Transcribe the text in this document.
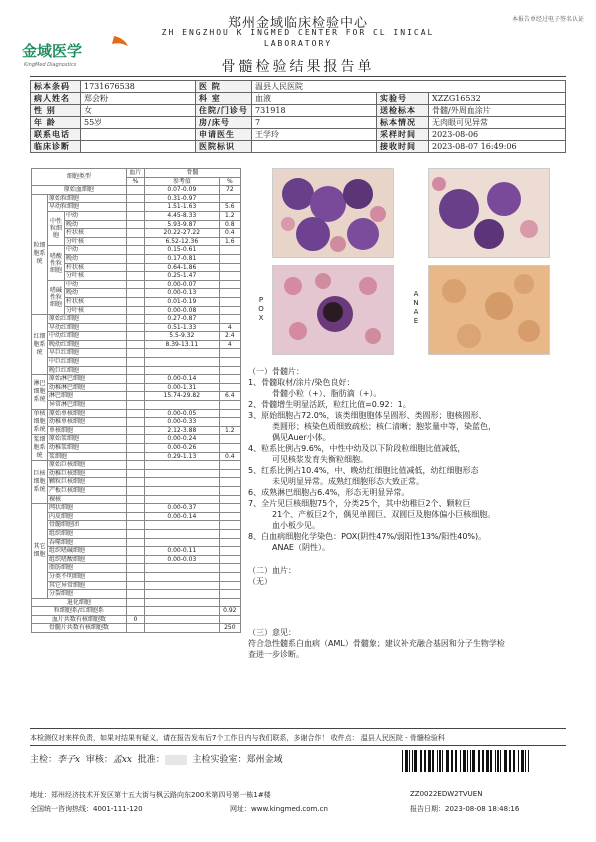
金域医学
KingMed Diagnostics
郑州金域临床检验中心
ZH ENGZHOU K INGMED CENTER FOR CL INICAL
LABORATORY
本报告单经过电子签名认证
骨髓检验结果报告单
标本条码	1731676538	医 院	温县人民医院		
病人姓名	郑会粉	科 室	血液	实验号	XZZG16532
性 别	女	住院/门诊号	731918	送检标本	骨髓/外周血涂片
年 龄	55岁	房/床号	7	标本情况	无肉眼可见异常
联系电话		申请医生	王学玲	采样时间	2023-08-06
临床诊断		医院标识		接收时间	2023-08-07 16:49:06
细胞类型			血片	骨髓	
			%	参考值	%
原始血细胞				0.07-0.09	72
粒细胞系统	原始粒细胞			0.31-0.97	
	早幼粒细胞			1.51-1.63	5.6
	中性粒细胞	中幼		4.45-8.33	1.2
		晚幼		5.93-9.87	0.8
		杆状核		20.22-27.22	0.4
		分叶核		6.52-12.36	1.6
	嗜酸性粒细胞	中幼		0.15-0.61	
		晚幼		0.17-0.81	
		杆状核		0.64-1.86	
		分叶核		0.25-1.47	
	嗜碱性粒细胞	中幼		0.00-0.07	
		晚幼		0.00-0.13	
		杆状核		0.01-0.19	
		分叶核		0.00-0.08	
红细胞系统	原始红细胞			0.27-0.87	
	早幼红细胞			0.51-1.33	4
	中幼红细胞			5.5-9.32	2.4
	晚幼红细胞			8.39-13.11	4
	早巨红细胞				
	中巨红细胞				
	晚巨红细胞				
淋巴细胞系统	原始淋巴细胞			0.00-0.14	
	幼稚淋巴细胞			0.00-1.31	
	淋巴细胞			15.74-29.82	6.4
	异常淋巴细胞				
单核细胞系统	原始单核细胞			0.00-0.05	
	幼稚单核细胞			0.00-0.33	
	单核细胞			2.12-3.88	1.2
浆细胞系统	原始浆细胞			0.00-0.24	
	幼稚浆细胞			0.00-0.26	
	浆细胞			0.29-1.13	0.4
巨核细胞系统	原始巨核细胞				
	幼稚巨核细胞				
	颗粒巨核细胞				
	产板巨核细胞				
	裸核				
其它细胞	网状细胞			0.00-0.37	
	内皮细胞			0.00-0.14	
	骨髓细胞团				
	组织细胞				
	吞噬细胞				
	组织嗜碱细胞			0.00-0.11	
	组织嗜酸细胞			0.00-0.03	
	脂肪细胞				
	分类不明细胞				
	其它异常细胞				
	分裂细胞				
退化细胞					
粒细胞系/红细胞系					0.92
血片共数有核细胞数			0		
骨髓片共数有核细胞数					250
P O X
A N A E

（一）骨髓片：

1、骨髓取材/涂片/染色良好：

骨髓小粒（+）、脂肪滴（+）。

2、骨髓增生明显活跃，粒红比值=0.92：1。

3、原始细胞占72.0%，该类细胞胞体呈圆形、类圆形；胞核圆形、

类圆形；核染色质细致疏松；核仁清晰；胞浆量中等，染蓝色，

偶见Auer小体。

4、粒系比例占9.6%，中性中幼及以下阶段粒细胞比值减低，

可见核浆发育失衡粒细胞。

5、红系比例占10.4%，中、晚幼红细胞比值减低，幼红细胞形态

未见明显异常。成熟红细胞形态大致正常。

6、成熟淋巴细胞占6.4%，形态无明显异常。

7、全片见巨核细胞75个，分类25个，其中幼稚巨2个、颗粒巨

21个、产板巨2个，偶见单圆巨、双圆巨及胞体偏小巨核细胞。

血小板少见。

8、白血病细胞化学染色：POX(阴性47%/弱阳性13%/阳性40%)。

ANAE（阴性）。

（二）血片：

（无）

（三）意见：

符合急性髓系白血病（AML）骨髓象；建议补充融合基因和分子生物学检

查进一步诊断。

本检测仅对来样负责，如果对结果有疑义，请在报告发布后7个工作日内与我们联系，多谢合作！ 收件点： 温县人民医院 - 骨髓检验科
主检：李子x 审核：孟xx 批准：	主检实验室：郑州金域
地址：郑州经济技术开发区第十五大街与枫云路向东200米第四号第一栋1#楼	ZZ0022EDW2TVUEN
全国统一咨询热线：4001-111-120	网址：www.kingmed.com.cn	报告日期：2023-08-08 18:48:16
